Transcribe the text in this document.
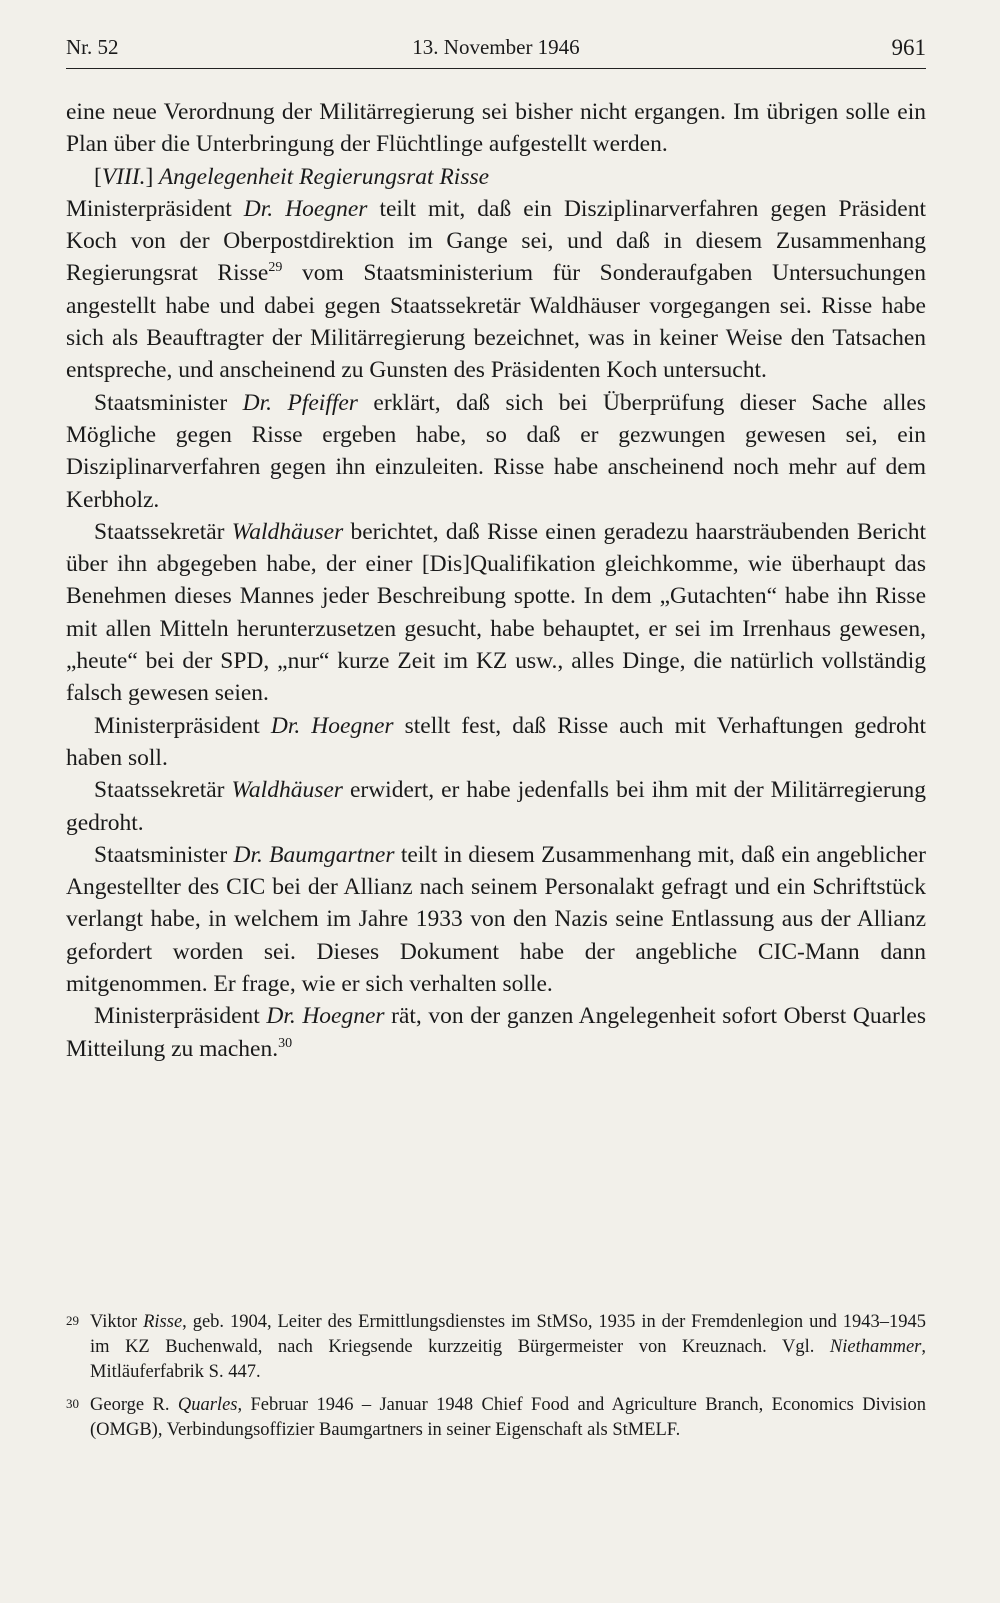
Nr. 52	13. November 1946	961

eine neue Verordnung der Militärregierung sei bisher nicht ergangen. Im übrigen solle ein Plan über die Unterbringung der Flüchtlinge aufgestellt werden.

[VIII.] Angelegenheit Regierungsrat Risse

Ministerpräsident Dr. Hoegner teilt mit, daß ein Disziplinarverfahren gegen Präsident Koch von der Oberpostdirektion im Gange sei, und daß in diesem Zusammenhang Regierungsrat Risse$^{29}$ vom Staatsministerium für Sonderaufgaben Untersuchungen angestellt habe und dabei gegen Staatssekretär Waldhäuser vorgegangen sei. Risse habe sich als Beauftragter der Militärregierung bezeichnet, was in keiner Weise den Tatsachen entspreche, und anscheinend zu Gunsten des Präsidenten Koch untersucht.

Staatsminister Dr. Pfeiffer erklärt, daß sich bei Überprüfung dieser Sache alles Mögliche gegen Risse ergeben habe, so daß er gezwungen gewesen sei, ein Disziplinarverfahren gegen ihn einzuleiten. Risse habe anscheinend noch mehr auf dem Kerbholz.

Staatssekretär Waldhäuser berichtet, daß Risse einen geradezu haarsträubenden Bericht über ihn abgegeben habe, der einer [Dis]Qualifikation gleichkomme, wie überhaupt das Benehmen dieses Mannes jeder Beschreibung spotte. In dem „Gutachten“ habe ihn Risse mit allen Mitteln herunterzusetzen gesucht, habe behauptet, er sei im Irrenhaus gewesen, „heute“ bei der SPD, „nur“ kurze Zeit im KZ usw., alles Dinge, die natürlich vollständig falsch gewesen seien.

Ministerpräsident Dr. Hoegner stellt fest, daß Risse auch mit Verhaftungen gedroht haben soll.

Staatssekretär Waldhäuser erwidert, er habe jedenfalls bei ihm mit der Militärregierung gedroht.

Staatsminister Dr. Baumgartner teilt in diesem Zusammenhang mit, daß ein angeblicher Angestellter des CIC bei der Allianz nach seinem Personalakt gefragt und ein Schriftstück verlangt habe, in welchem im Jahre 1933 von den Nazis seine Entlassung aus der Allianz gefordert worden sei. Dieses Dokument habe der angebliche CIC-Mann dann mitgenommen. Er frage, wie er sich verhalten solle.

Ministerpräsident Dr. Hoegner rät, von der ganzen Angelegenheit sofort Oberst Quarles Mitteilung zu machen.$^{30}$

29 Viktor Risse, geb. 1904, Leiter des Ermittlungsdienstes im StMSo, 1935 in der Fremdenlegion und 1943–1945 im KZ Buchenwald, nach Kriegsende kurzzeitig Bürgermeister von Kreuznach. Vgl. Niethammer, Mitläuferfabrik S. 447.
30 George R. Quarles, Februar 1946 – Januar 1948 Chief Food and Agriculture Branch, Economics Division (OMGB), Verbindungsoffizier Baumgartners in seiner Eigenschaft als StMELF.
